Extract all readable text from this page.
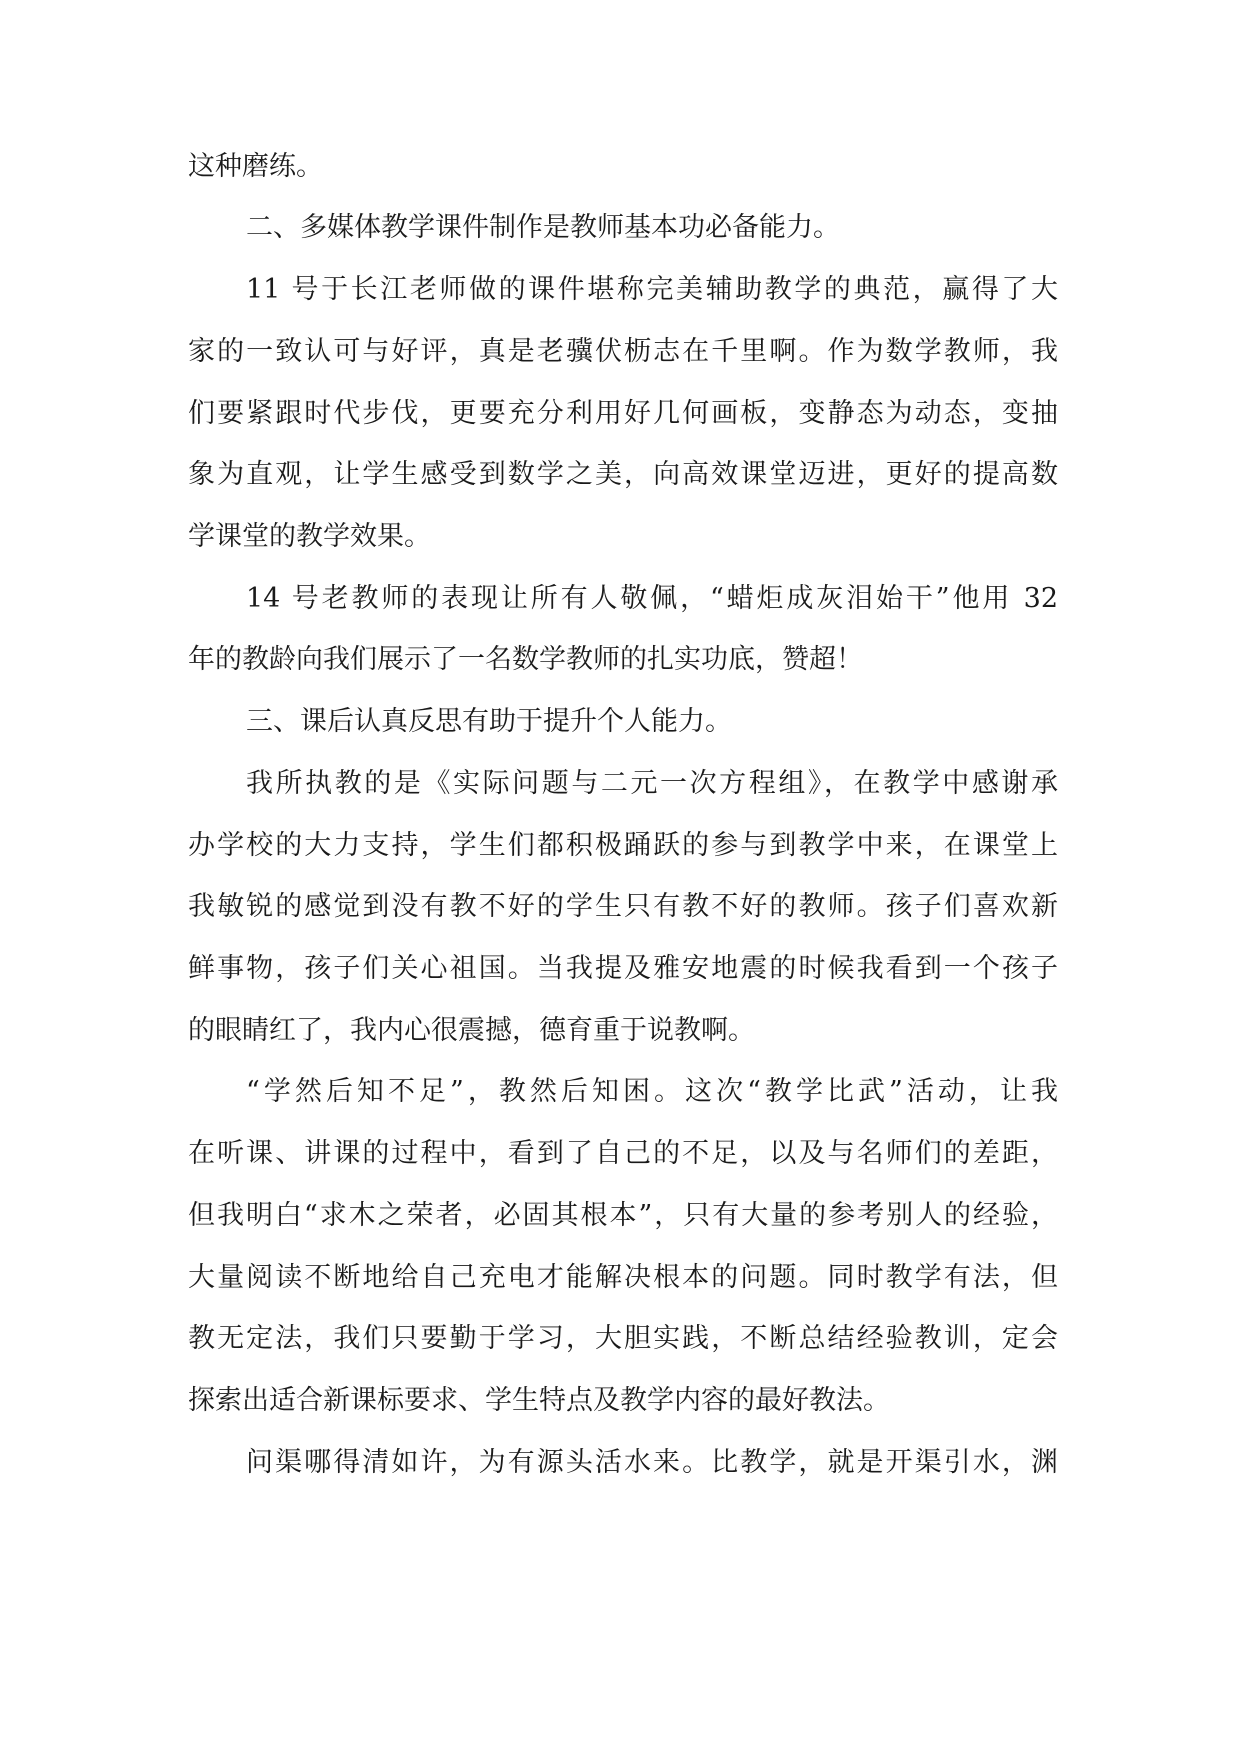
这种磨练。
二、多媒体教学课件制作是教师基本功必备能力。
11 号于长江老师做的课件堪称完美辅助教学的典范，赢得了大
家的一致认可与好评，真是老骥伏枥志在千里啊。作为数学教师，我
们要紧跟时代步伐，更要充分利用好几何画板，变静态为动态，变抽
象为直观，让学生感受到数学之美，向高效课堂迈进，更好的提高数
学课堂的教学效果。
14 号老教师的表现让所有人敬佩，“蜡炬成灰泪始干”他用 32
年的教龄向我们展示了一名数学教师的扎实功底，赞超！
三、课后认真反思有助于提升个人能力。
我所执教的是《实际问题与二元一次方程组》，在教学中感谢承
办学校的大力支持，学生们都积极踊跃的参与到教学中来，在课堂上
我敏锐的感觉到没有教不好的学生只有教不好的教师。孩子们喜欢新
鲜事物，孩子们关心祖国。当我提及雅安地震的时候我看到一个孩子
的眼睛红了，我内心很震撼，德育重于说教啊。
“学然后知不足”，教然后知困。这次“教学比武”活动，让我
在听课、讲课的过程中，看到了自己的不足，以及与名师们的差距，
但我明白“求木之荣者，必固其根本”，只有大量的参考别人的经验，
大量阅读不断地给自己充电才能解决根本的问题。同时教学有法，但
教无定法，我们只要勤于学习，大胆实践，不断总结经验教训，定会
探索出适合新课标要求、学生特点及教学内容的最好教法。
问渠哪得清如许，为有源头活水来。比教学，就是开渠引水，渊
